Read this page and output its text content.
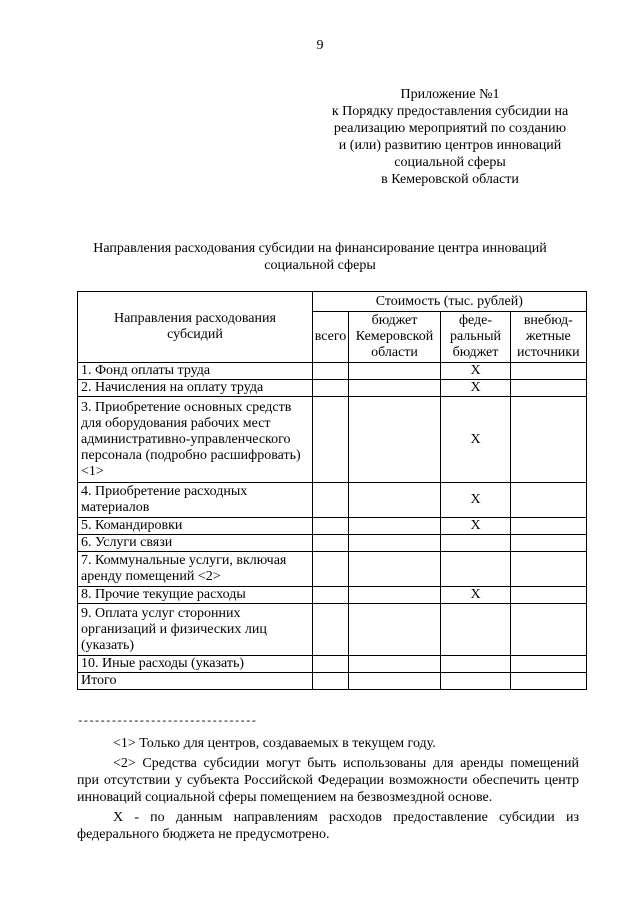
9
Приложение №1
к Порядку предоставления субсидии на
реализацию мероприятий по созданию
и (или) развитию центров инноваций
социальной сферы
в Кемеровской области
Направления расходования субсидии на финансирование центра инноваций
социальной сферы
Направления расходования субсидий	Стоимость (тыс. рублей)			
	всего	бюджет Кемеровской области	феде-ральный бюджет	внебюд-жетные источники
1. Фонд оплаты труда			X	
2. Начисления на оплату труда			X	
3. Приобретение основных средств для оборудования рабочих мест административно-управленческого персонала (подробно расшифровать) <1>			X	
4. Приобретение расходных материалов			X	
5. Командировки			X	
6. Услуги связи				
7. Коммунальные услуги, включая аренду помещений <2>				
8. Прочие текущие расходы			X	
9. Оплата услуг сторонних организаций и физических лиц (указать)				
10. Иные расходы (указать)				
Итого				
--------------------------------

<1> Только для центров, создаваемых в текущем году.

<2> Средства субсидии могут быть использованы для аренды помещений при отсутствии у субъекта Российской Федерации возможности обеспечить центр инноваций социальной сферы помещением на безвозмездной основе.

X - по данным направлениям расходов предоставление субсидии из федерального бюджета не предусмотрено.
